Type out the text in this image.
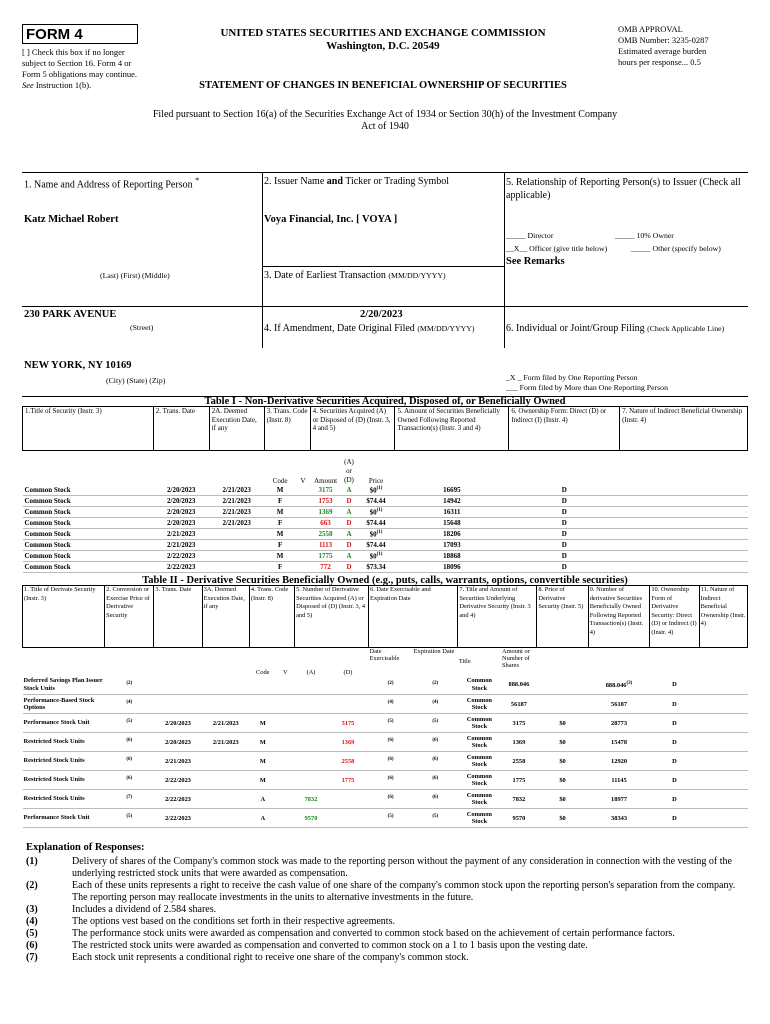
FORM 4
[ ] Check this box if no longer subject to Section 16. Form 4 or Form 5 obligations may continue. See Instruction 1(b).
UNITED STATES SECURITIES AND EXCHANGE COMMISSION
Washington, D.C. 20549
OMB APPROVAL
OMB Number: 3235-0287
Estimated average burden
hours per response... 0.5
STATEMENT OF CHANGES IN BENEFICIAL OWNERSHIP OF SECURITIES
Filed pursuant to Section 16(a) of the Securities Exchange Act of 1934 or Section 30(h) of the Investment Company Act of 1940
1. Name and Address of Reporting Person *
Katz Michael Robert
(Last) (First) (Middle)
230 PARK AVENUE
(Street)
NEW YORK, NY 10169
(City) (State) (Zip)
2. Issuer Name and Ticker or Trading Symbol
Voya Financial, Inc. [ VOYA ]
3. Date of Earliest Transaction (MM/DD/YYYY)
2/20/2023
4. If Amendment, Date Original Filed (MM/DD/YYYY)
5. Relationship of Reporting Person(s) to Issuer (Check all applicable)
_____ Director	_____ 10% Owner
__X__ Officer (give title below)	_____ Other (specify below)
See Remarks
6. Individual or Joint/Group Filing (Check Applicable Line)
_X _ Form filed by One Reporting Person
___ Form filed by More than One Reporting Person
Table I - Non-Derivative Securities Acquired, Disposed of, or Beneficially Owned
1.Title of Security (Instr. 3)	2. Trans. Date	2A. Deemed Execution Date, if any	3. Trans. Code (Instr. 8)		4. Securities Acquired (A) or Disposed of (D) (Instr. 3, 4 and 5)			5. Amount of Securities Beneficially Owned Following Reported Transaction(s) (Instr. 3 and 4)	6. Ownership Form: Direct (D) or Indirect (I) (Instr. 4)	7. Nature of Indirect Beneficial Ownership (Instr. 4)
			Code	V	Amount	(A) or (D)	Price			
Common Stock	2/20/2023	2/21/2023	M		3175	A	$0$^{(1)}$	16695	D	
Common Stock	2/20/2023	2/21/2023	F		1753	D	$74.44	14942	D	
Common Stock	2/20/2023	2/21/2023	M		1369	A	$0$^{(1)}$	16311	D	
Common Stock	2/20/2023	2/21/2023	F		663	D	$74.44	15648	D	
Common Stock	2/21/2023		M		2558	A	$0$^{(1)}$	18206	D	
Common Stock	2/21/2023		F		1113	D	$74.44	17093	D	
Common Stock	2/22/2023		M		1775	A	$0$^{(1)}$	18868	D	
Common Stock	2/22/2023		F		772	D	$73.34	18096	D	
Table II - Derivative Securities Beneficially Owned (e.g., puts, calls, warrants, options, convertible securities)
1. Title of Derivate Security (Instr. 3)	2. Conversion or Exercise Price of Derivative Security	3. Trans. Date	3A. Deemed Execution Date, if any	4. Trans. Code (Instr. 8)		5. Number of Derivative Securities Acquired (A) or Disposed of (D) (Instr. 3, 4 and 5)		6. Date Exercisable and Expiration Date		7. Title and Amount of Securities Underlying Derivative Security (Instr. 3 and 4)		8. Price of Derivative Security (Instr. 5)	9. Number of derivative Securities Beneficially Owned Following Reported Transaction(s) (Instr. 4)	10. Ownership Form of Derivative Security: Direct (D) or Indirect (I) (Instr. 4)	11. Nature of Indirect Beneficial Ownership (Instr. 4)
				Code	V	(A)	(D)	Date Exercisable	Expiration Date	Title	Amount or Number of Shares				
Deferred Savings Plan Issuer Stock Units	$^{(2)}$							$^{(2)}$	$^{(2)}$	Common Stock	888.046		888.046$^{(3)}$	D	
Performance-Based Stock Options	$^{(4)}$							$^{(4)}$	$^{(4)}$	Common Stock	56187		56187	D	
Performance Stock Unit	$^{(5)}$	2/20/2023	2/21/2023	M			3175	$^{(5)}$	$^{(5)}$	Common Stock	3175	$0	28773	D	
Restricted Stock Units	$^{(6)}$	2/20/2023	2/21/2023	M			1369	$^{(6)}$	$^{(6)}$	Common Stock	1369	$0	15478	D	
Restricted Stock Units	$^{(6)}$	2/21/2023		M			2558	$^{(6)}$	$^{(6)}$	Common Stock	2558	$0	12920	D	
Restricted Stock Units	$^{(6)}$	2/22/2023		M			1775	$^{(6)}$	$^{(6)}$	Common Stock	1775	$0	11145	D	
Restricted Stock Units	$^{(7)}$	2/22/2023		A		7832		$^{(6)}$	$^{(6)}$	Common Stock	7832	$0	18977	D	
Performance Stock Unit	$^{(5)}$	2/22/2023		A		9570		$^{(5)}$	$^{(5)}$	Common Stock	9570	$0	38343	D	
Explanation of Responses:
(1)	Delivery of shares of the Company's common stock was made to the reporting person without the payment of any consideration in connection with the vesting of the underlying restricted stock units that were awarded as compensation.
(2)	Each of these units represents a right to receive the cash value of one share of the company's common stock upon the reporting person's separation from the company. The reporting person may reallocate investments in the units to alternative investments in the future.
(3)	Includes a dividend of 2.584 shares.
(4)	The options vest based on the conditions set forth in their respective agreements.
(5)	The performance stock units were awarded as compensation and converted to common stock based on the achievement of certain performance factors.
(6)	The restricted stock units were awarded as compensation and converted to common stock on a 1 to 1 basis upon the vesting date.
(7)	Each stock unit represents a conditional right to receive one share of the company's common stock.
